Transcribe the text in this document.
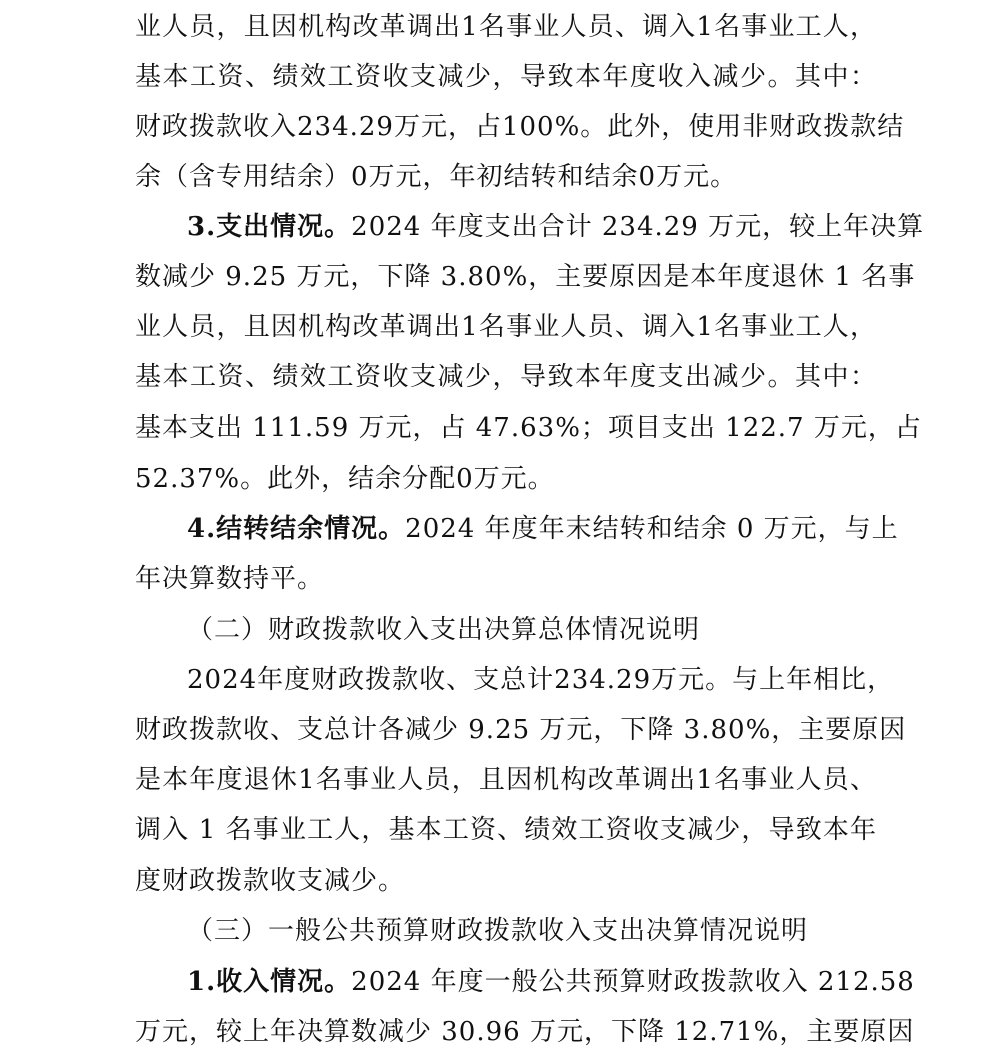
业人员，且因机构改革调出1名事业人员、调入1名事业工人，
基本工资、绩效工资收支减少，导致本年度收入减少。其中：
财政拨款收入234.29万元，占100%。此外，使用非财政拨款结
余（含专用结余）0万元，年初结转和结余0万元。
3.支出情况。2024 年度支出合计 234.29 万元，较上年决算
数减少 9.25 万元，下降 3.80%，主要原因是本年度退休 1 名事
业人员，且因机构改革调出1名事业人员、调入1名事业工人，
基本工资、绩效工资收支减少，导致本年度支出减少。其中：
基本支出 111.59 万元，占 47.63%；项目支出 122.7 万元，占
52.37%。此外，结余分配0万元。
4.结转结余情况。2024 年度年末结转和结余 0 万元，与上
年决算数持平。
（二）财政拨款收入支出决算总体情况说明
2024年度财政拨款收、支总计234.29万元。与上年相比，
财政拨款收、支总计各减少 9.25 万元，下降 3.80%，主要原因
是本年度退休1名事业人员，且因机构改革调出1名事业人员、
调入 1 名事业工人，基本工资、绩效工资收支减少，导致本年
度财政拨款收支减少。
（三）一般公共预算财政拨款收入支出决算情况说明
1.收入情况。2024 年度一般公共预算财政拨款收入 212.58
万元，较上年决算数减少 30.96 万元，下降 12.71%，主要原因
